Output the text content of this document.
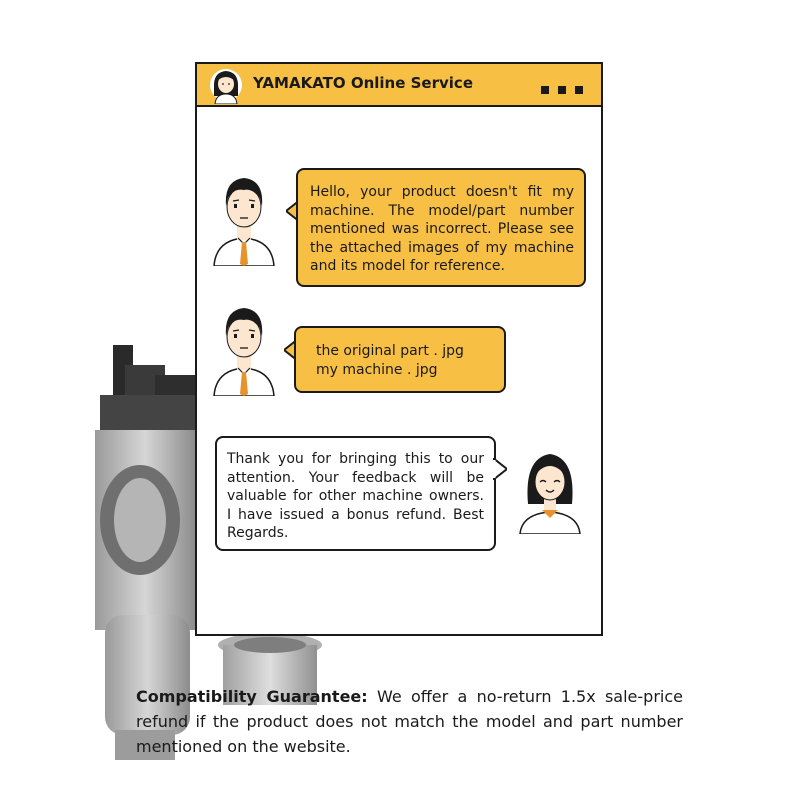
YAMAKATO Online Service
Hello, your product doesn't fit my machine. The model/part number mentioned was incorrect. Please see the attached images of my machine and its model for reference.
the original part . jpg
my machine . jpg
Thank you for bringing this to our attention. Your feedback will be valuable for other machine owners. I have issued a bonus refund. Best Regards.
Compatibility Guarantee: We offer a no-return 1.5x sale-price refund if the product does not match the model and part number mentioned on the website.
